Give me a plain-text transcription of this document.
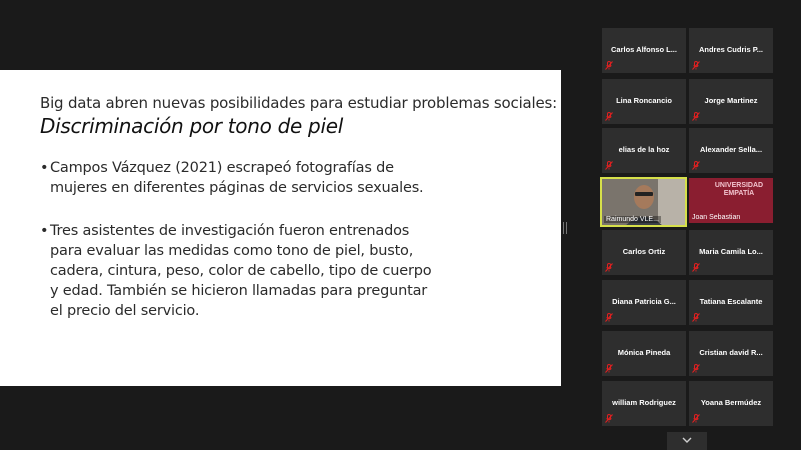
Big data abren nuevas posibilidades para estudiar problemas sociales:
Discriminación por tono de piel
• Campos Vázquez (2021) escrapeó fotografías de
mujeres en diferentes páginas de servicios sexuales.
• Tres asistentes de investigación fueron entrenados
para evaluar las medidas como tono de piel, busto,
cadera, cintura, peso, color de cabello, tipo de cuerpo
y edad. También se hicieron llamadas para preguntar
el precio del servicio.
Carlos Alfonso L...	Andres Cudris P...
Lina Roncancio	Jorge Martinez
elias de la hoz	Alexander Sella...
Raimundo VLE...
UNIVERSIDAD EMPATÍA
Joan Sebastian
Carlos Ortiz	Maria Camila Lo...
Diana Patricia G...	Tatiana Escalante
Mónica Pineda	Cristian david R...
william Rodriguez	Yoana Bermúdez
